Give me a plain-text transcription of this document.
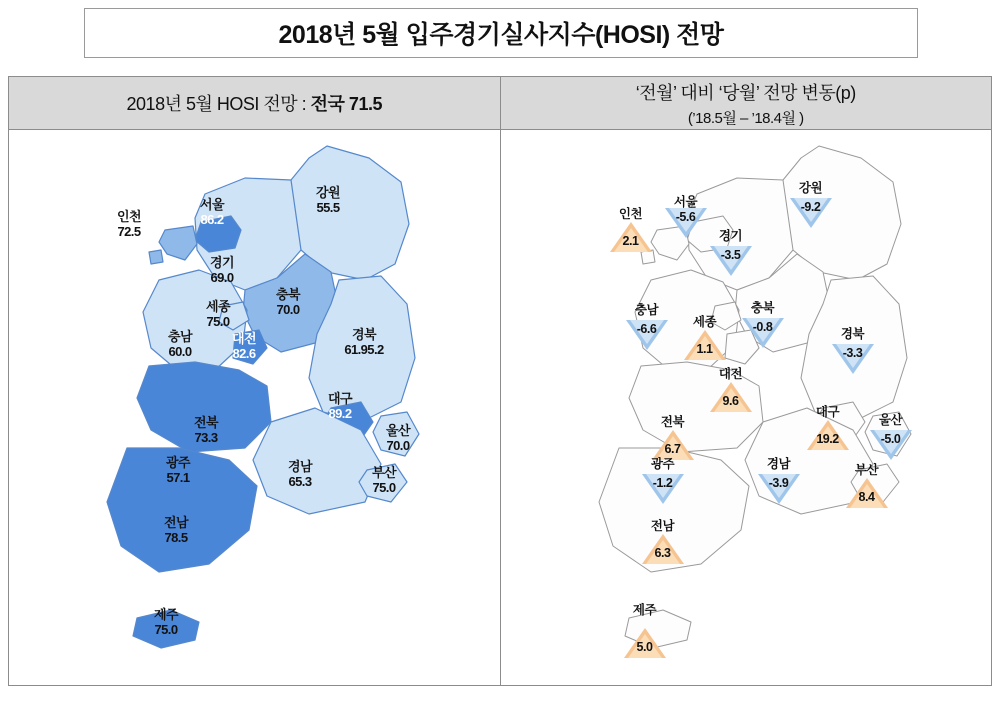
2018년 5월 입주경기실사지수(HOSI) 전망
2018년 5월 HOSI 전망 : 전국 71.5
‘전월’ 대비 ‘당월’ 전망 변동(p)
(’18.5월 – ’18.4월 )
인천
72.5
서울
86.2
강원
55.5
경기
69.0
세종
75.0
충북
70.0
충남
60.0
대전
82.6
경북
61.95.2
대구
89.2
전북
73.3	울산
70.0
광주
57.1
경남
65.3
부산
75.0
전남
78.5
제주
75.0
인천
2.1
서울
-5.6
강원
-9.2
경기
-3.5
충남
-6.6	세종
1.1
충북
-0.8	경북
-3.3
대전
9.6
전북
6.7
대구
19.2
울산
-5.0
광주
-1.2
경남
-3.9
부산
8.4
전남
6.3
제주
5.0
